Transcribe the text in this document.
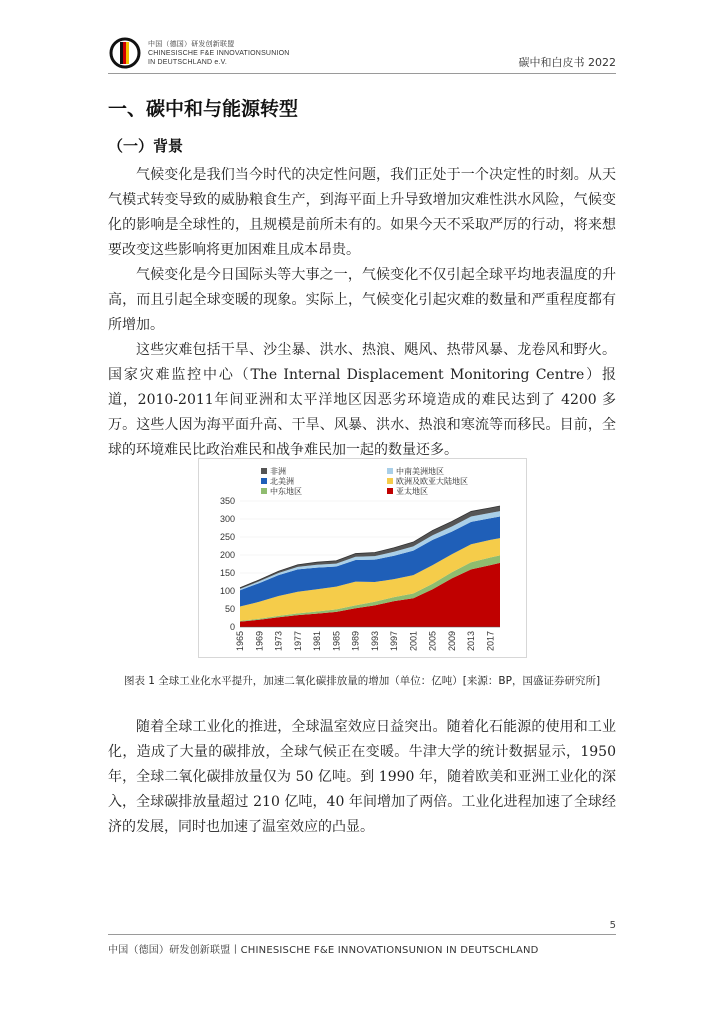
中国（德国）研发创新联盟
CHINESISCHE F&E INNOVATIONSUNION
IN DEUTSCHLAND e.V.	碳中和白皮书 2022
一、碳中和与能源转型
（一）背景

气候变化是我们当今时代的决定性问题，我们正处于一个决定性的时刻。从天气模式转变导致的威胁粮食生产，到海平面上升导致增加灾难性洪水风险，气候变化的影响是全球性的，且规模是前所未有的。如果今天不采取严厉的行动，将来想要改变这些影响将更加困难且成本昂贵。

气候变化是今日国际头等大事之一，气候变化不仅引起全球平均地表温度的升高，而且引起全球变暖的现象。实际上，气候变化引起灾难的数量和严重程度都有所增加。

这些灾难包括干旱、沙尘暴、洪水、热浪、飓风、热带风暴、龙卷风和野火。国家灾难监控中心（The Internal Displacement Monitoring Centre）报道，2010-2011年间亚洲和太平洋地区因恶劣环境造成的难民达到了 4200 多万。这些人因为海平面升高、干旱、风暴、洪水、热浪和寒流等而移民。目前，全球的环境难民比政治难民和战争难民加一起的数量还多。

0
50
100
150
200
250
300
350
1965 1969 1973 1977 1981 1985 1989 1993 1997 2001 2005 2009 2013 2017
非洲	中南美洲地区
北美洲	欧洲及欧亚大陆地区
中东地区	亚太地区
图表 1 全球工业化水平提升，加速二氧化碳排放量的增加（单位：亿吨）[来源：BP，国盛证券研究所]

随着全球工业化的推进，全球温室效应日益突出。随着化石能源的使用和工业化，造成了大量的碳排放，全球气候正在变暖。牛津大学的统计数据显示，1950年，全球二氧化碳排放量仅为 50 亿吨。到 1990 年，随着欧美和亚洲工业化的深入，全球碳排放量超过 210 亿吨，40 年间增加了两倍。工业化进程加速了全球经济的发展，同时也加速了温室效应的凸显。

5
中国（德国）研发创新联盟丨CHINESISCHE F&E INNOVATIONSUNION IN DEUTSCHLAND
